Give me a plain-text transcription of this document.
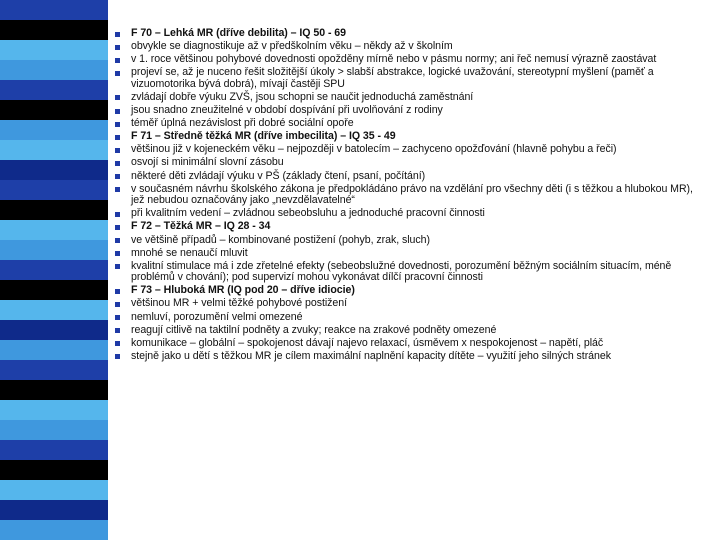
F 70 – Lehká MR (dříve debilita) – IQ 50 - 69
obvykle se diagnostikuje až v předškolním věku – někdy až v školním
v 1. roce většinou pohybové dovednosti opožděny mírně nebo v pásmu normy; ani řeč nemusí výrazně zaostávat
projeví se, až je nuceno řešit složitější úkoly > slabší abstrakce, logické uvažování, stereotypní myšlení (paměť a vizuomotorika bývá dobrá), mívají častěji SPU
zvládají dobře výuku ZVŠ, jsou schopni se naučit jednoduchá zaměstnání
jsou snadno zneužitelné v období dospívání při uvolňování z rodiny
téměř úplná nezávislost při dobré sociální opoře
F 71 – Středně těžká MR (dříve imbecilita) – IQ 35 - 49
většinou již v kojeneckém věku – nejpozději v batolecím – zachyceno opožďování (hlavně pohybu a řeči)
osvojí si minimální slovní zásobu
některé děti zvládají výuku v PŠ (základy čtení, psaní, počítání)
v současném návrhu školského zákona je předpokládáno právo na vzdělání pro všechny děti (i s těžkou a hlubokou MR), jež nebudou označovány jako „nevzdělavatelné“
při kvalitním vedení – zvládnou sebeobsluhu a jednoduché pracovní činnosti
F 72 – Těžká MR – IQ 28 - 34
ve většině případů – kombinované postižení (pohyb, zrak, sluch)
mnohé se nenaučí mluvit
kvalitní stimulace má i zde zřetelné efekty (sebeobslužné dovednosti, porozumění běžným sociálním situacím, méně problémů v chování); pod supervizí mohou vykonávat dílčí pracovní činnosti
F 73 – Hluboká MR (IQ pod 20 – dříve idiocie)
většinou MR + velmi těžké pohybové postižení
nemluví, porozumění velmi omezené
reagují citlivě na taktilní podněty a zvuky; reakce na zrakové podněty omezené
komunikace – globální – spokojenost dávají najevo relaxací, úsměvem x nespokojenost – napětí, pláč
stejně jako u dětí s těžkou MR je cílem maximální naplnění kapacity dítěte – využití jeho silných stránek
